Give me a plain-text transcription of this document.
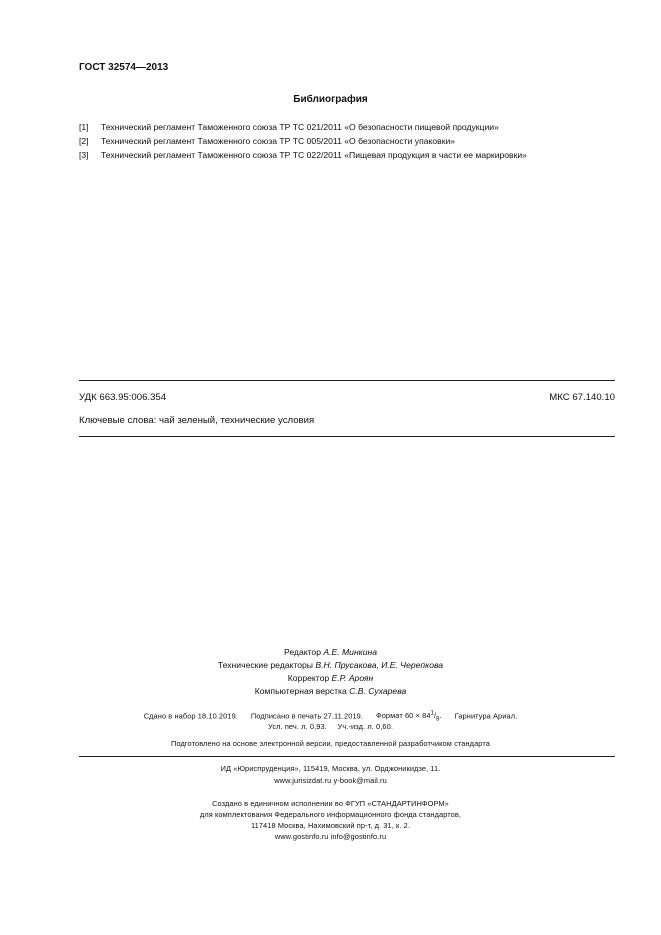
ГОСТ 32574—2013
Библиография
[1] Технический регламент Таможенного союза ТР ТС 021/2011 «О безопасности пищевой продукции»
[2] Технический регламент Таможенного союза ТР ТС 005/2011 «О безопасности упаковки»
[3] Технический регламент Таможенного союза ТР ТС 022/2011 «Пищевая продукция в части ее маркировки»
УДК 663.95:006.354	МКС 67.140.10
Ключевые слова: чай зеленый, технические условия
Редактор А.Е. Минкина
Технические редакторы В.Н. Прусакова, И.Е. Черепкова
Корректор Е.Р. Ароян
Компьютерная верстка С.В. Сухарева
Сдано в набор 18.10.2019. Подписано в печать 27.11.2019. Формат $60 \times 84^1/_8$. Гарнитура Ариал.
Усл. печ. л. 0,93. Уч.-изд. л. 0,60.
Подготовлено на основе электронной версии, предоставленной разработчиком стандарта
ИД «Юриспруденция», 115419, Москва, ул. Орджоникидзе, 11.
www.jurisizdat.ru y-book@mail.ru
Создано в единичном исполнении во ФГУП «СТАНДАРТИНФОРМ»
для комплектования Федерального информационного фонда стандартов,
117418 Москва, Нахимовский пр-т, д. 31, к. 2.
www.gostinfo.ru info@gostinfo.ru
